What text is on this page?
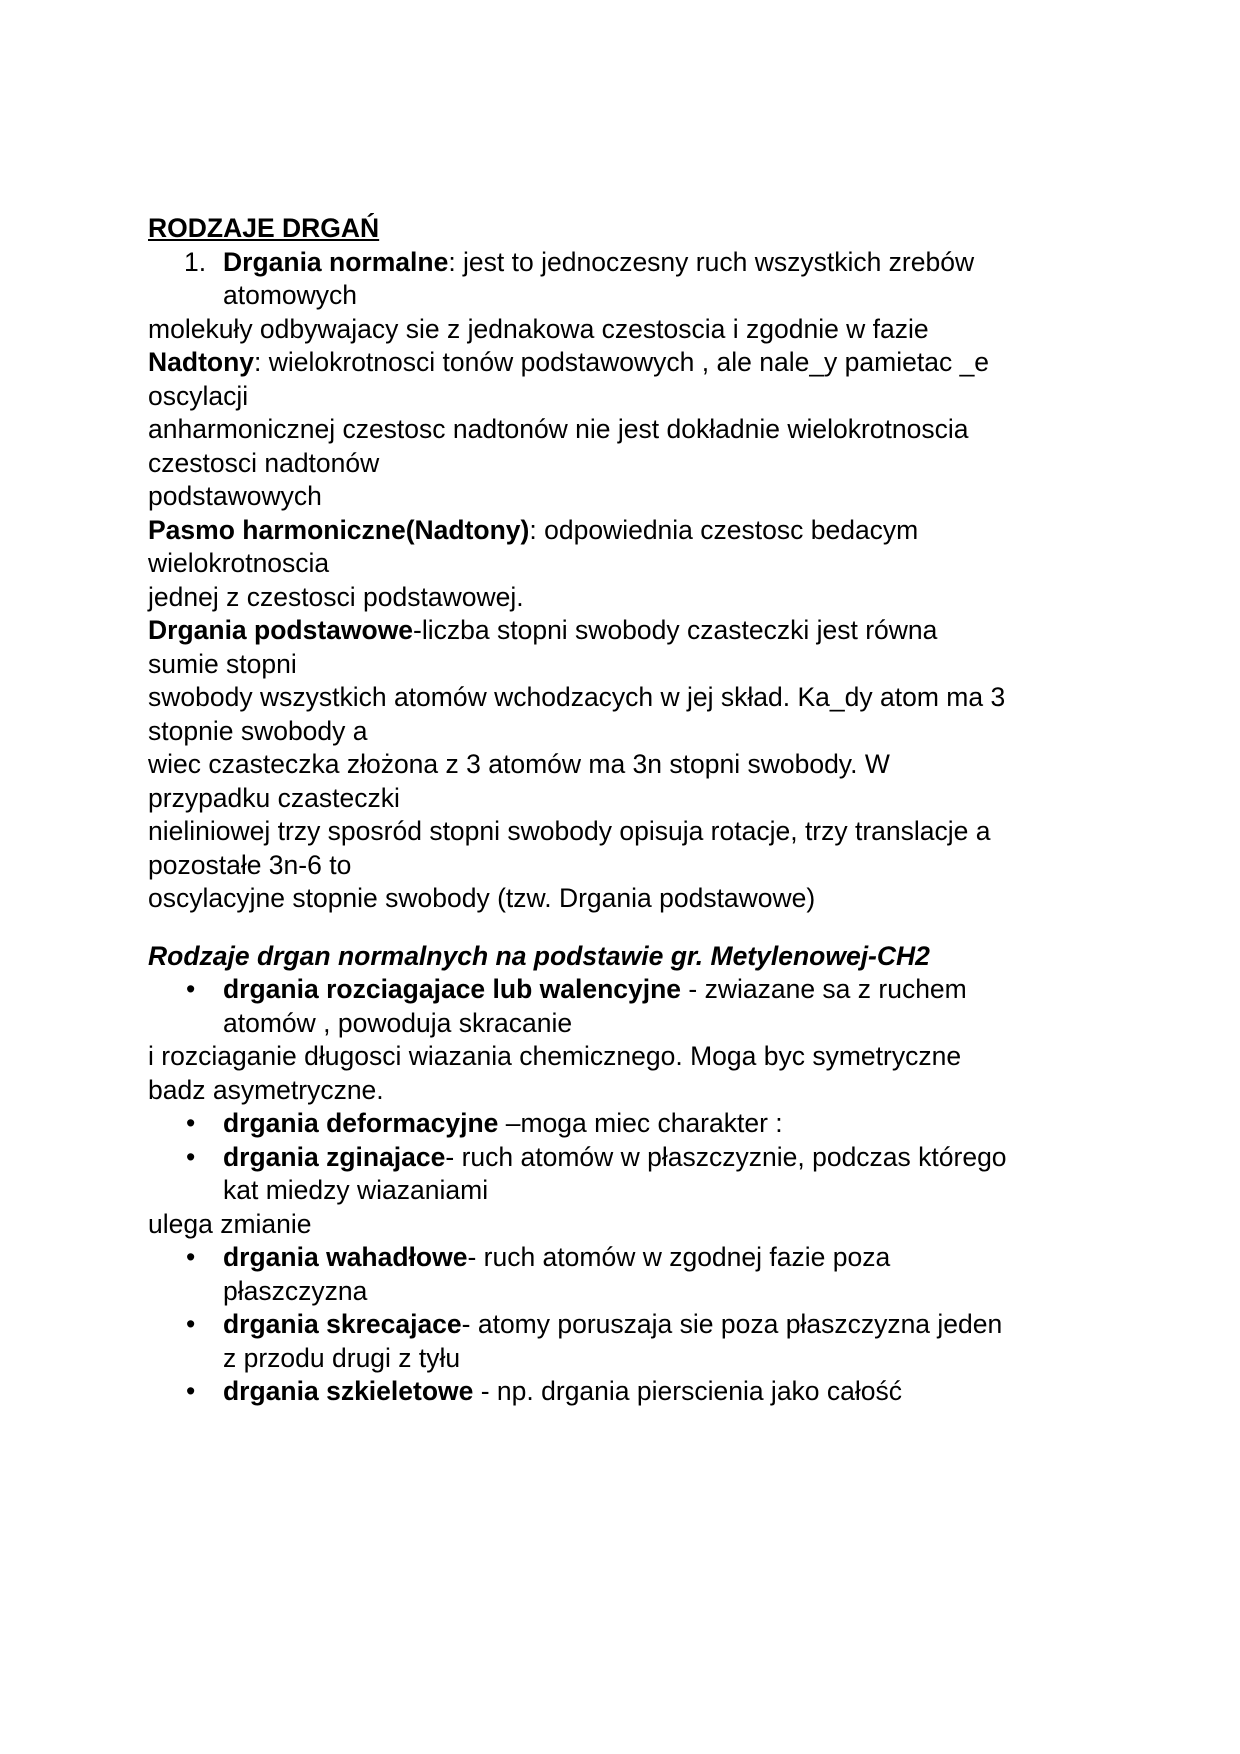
RODZAJE DRGAŃ
1. Drgania normalne: jest to jednoczesny ruch wszystkich zrebów
atomowych
molekuły odbywajacy sie z jednakowa czestoscia i zgodnie w fazie
Nadtony: wielokrotnosci tonów podstawowych , ale nale_y pamietac _e
oscylacji
anharmonicznej czestosc nadtonów nie jest dokładnie wielokrotnoscia
czestosci nadtonów
podstawowych
Pasmo harmoniczne(Nadtony): odpowiednia czestosc bedacym
wielokrotnoscia
jednej z czestosci podstawowej.
Drgania podstawowe-liczba stopni swobody czasteczki jest równa
sumie stopni
swobody wszystkich atomów wchodzacych w jej skład. Ka_dy atom ma 3
stopnie swobody a
wiec czasteczka złożona z 3 atomów ma 3n stopni swobody. W
przypadku czasteczki
nieliniowej trzy sposród stopni swobody opisuja rotacje, trzy translacje a
pozostałe 3n-6 to
oscylacyjne stopnie swobody (tzw. Drgania podstawowe)
Rodzaje drgan normalnych na podstawie gr. Metylenowej-CH2
• drgania rozciagajace lub walencyjne - zwiazane sa z ruchem
atomów , powoduja skracanie
i rozciaganie długosci wiazania chemicznego. Moga byc symetryczne
badz asymetryczne.
• drgania deformacyjne –moga miec charakter :
• drgania zginajace- ruch atomów w płaszczyznie, podczas którego
kat miedzy wiazaniami
ulega zmianie
• drgania wahadłowe- ruch atomów w zgodnej fazie poza
płaszczyzna
• drgania skrecajace- atomy poruszaja sie poza płaszczyzna jeden
z przodu drugi z tyłu
• drgania szkieletowe - np. drgania pierscienia jako całość
